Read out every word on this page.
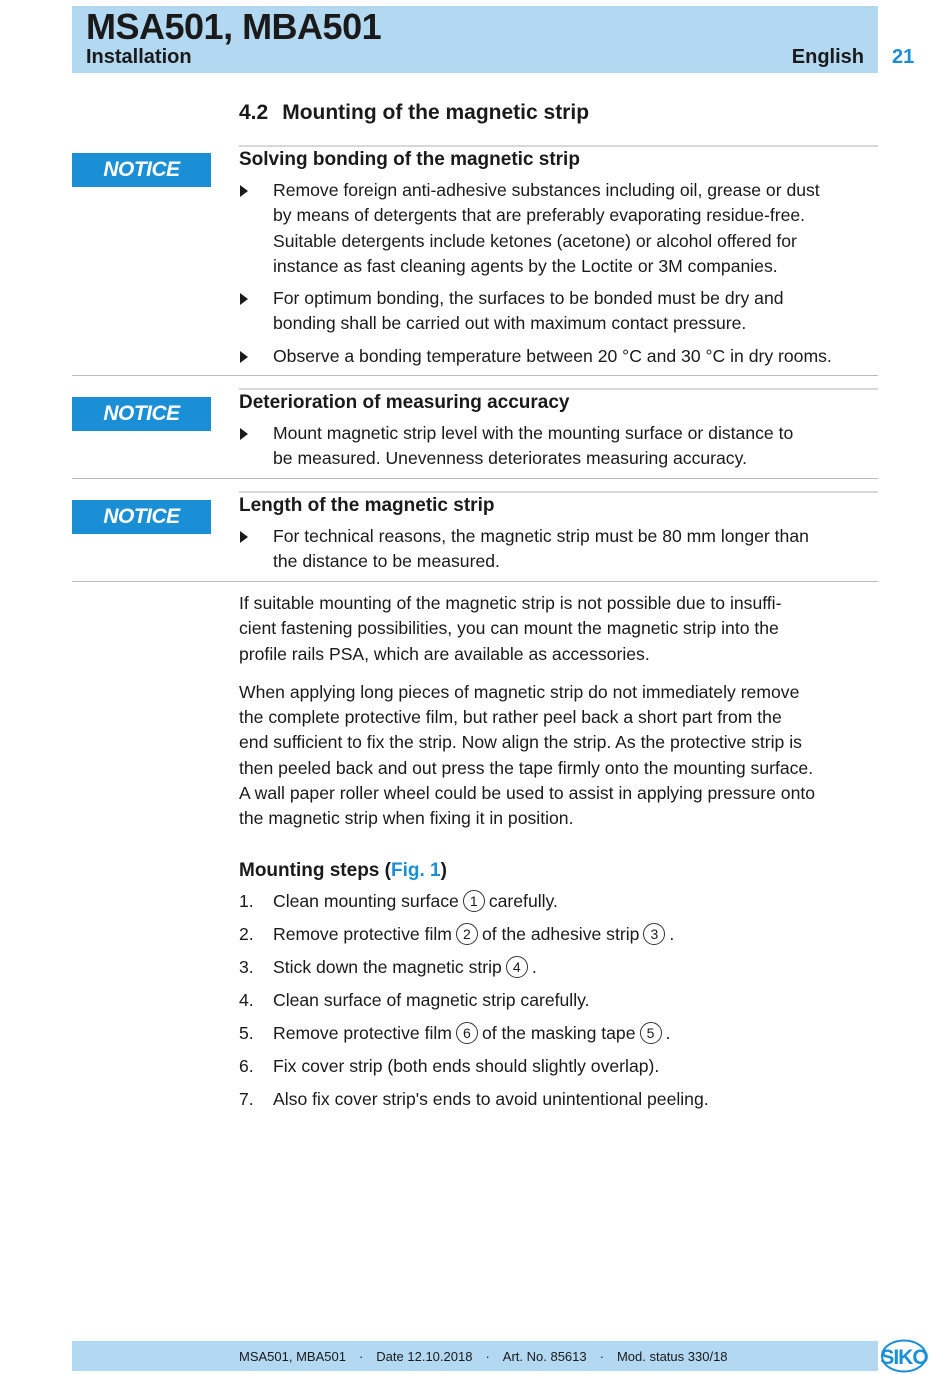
MSA501, MBA501
Installation	English 21
4.2 Mounting of the magnetic strip
NOTICE	Solving bonding of the magnetic strip
Remove foreign anti-adhesive substances including oil, grease or dust
by means of detergents that are preferably evaporating residue-free.
Suitable detergents include ketones (acetone) or alcohol offered for
instance as fast cleaning agents by the Loctite or 3M companies.
For optimum bonding, the surfaces to be bonded must be dry and
bonding shall be carried out with maximum contact pressure.
Observe a bonding temperature between 20 °C and 30 °C in dry rooms.
NOTICE	Deterioration of measuring accuracy
Mount magnetic strip level with the mounting surface or distance to
be measured. Unevenness deteriorates measuring accuracy.
NOTICE	Length of the magnetic strip
For technical reasons, the magnetic strip must be 80 mm longer than
the distance to be measured.
If suitable mounting of the magnetic strip is not possible due to insuffi-
cient fastening possibilities, you can mount the magnetic strip into the
profile rails PSA, which are available as accessories.
When applying long pieces of magnetic strip do not immediately remove
the complete protective film, but rather peel back a short part from the
end sufficient to fix the strip. Now align the strip. As the protective strip is
then peeled back and out press the tape firmly onto the mounting surface.
A wall paper roller wheel could be used to assist in applying pressure onto
the magnetic strip when fixing it in position.
Mounting steps (Fig. 1)
1. Clean mounting surface 1 carefully.
2. Remove protective film 2 of the adhesive strip 3 .
3. Stick down the magnetic strip 4 .
4. Clean surface of magnetic strip carefully.
5. Remove protective film 6 of the masking tape 5 .
6. Fix cover strip (both ends should slightly overlap).
7. Also fix cover strip's ends to avoid unintentional peeling.
MSA501, MBA501 · Date 12.10.2018 · Art. No. 85613 · Mod. status 330/18	SIKO
